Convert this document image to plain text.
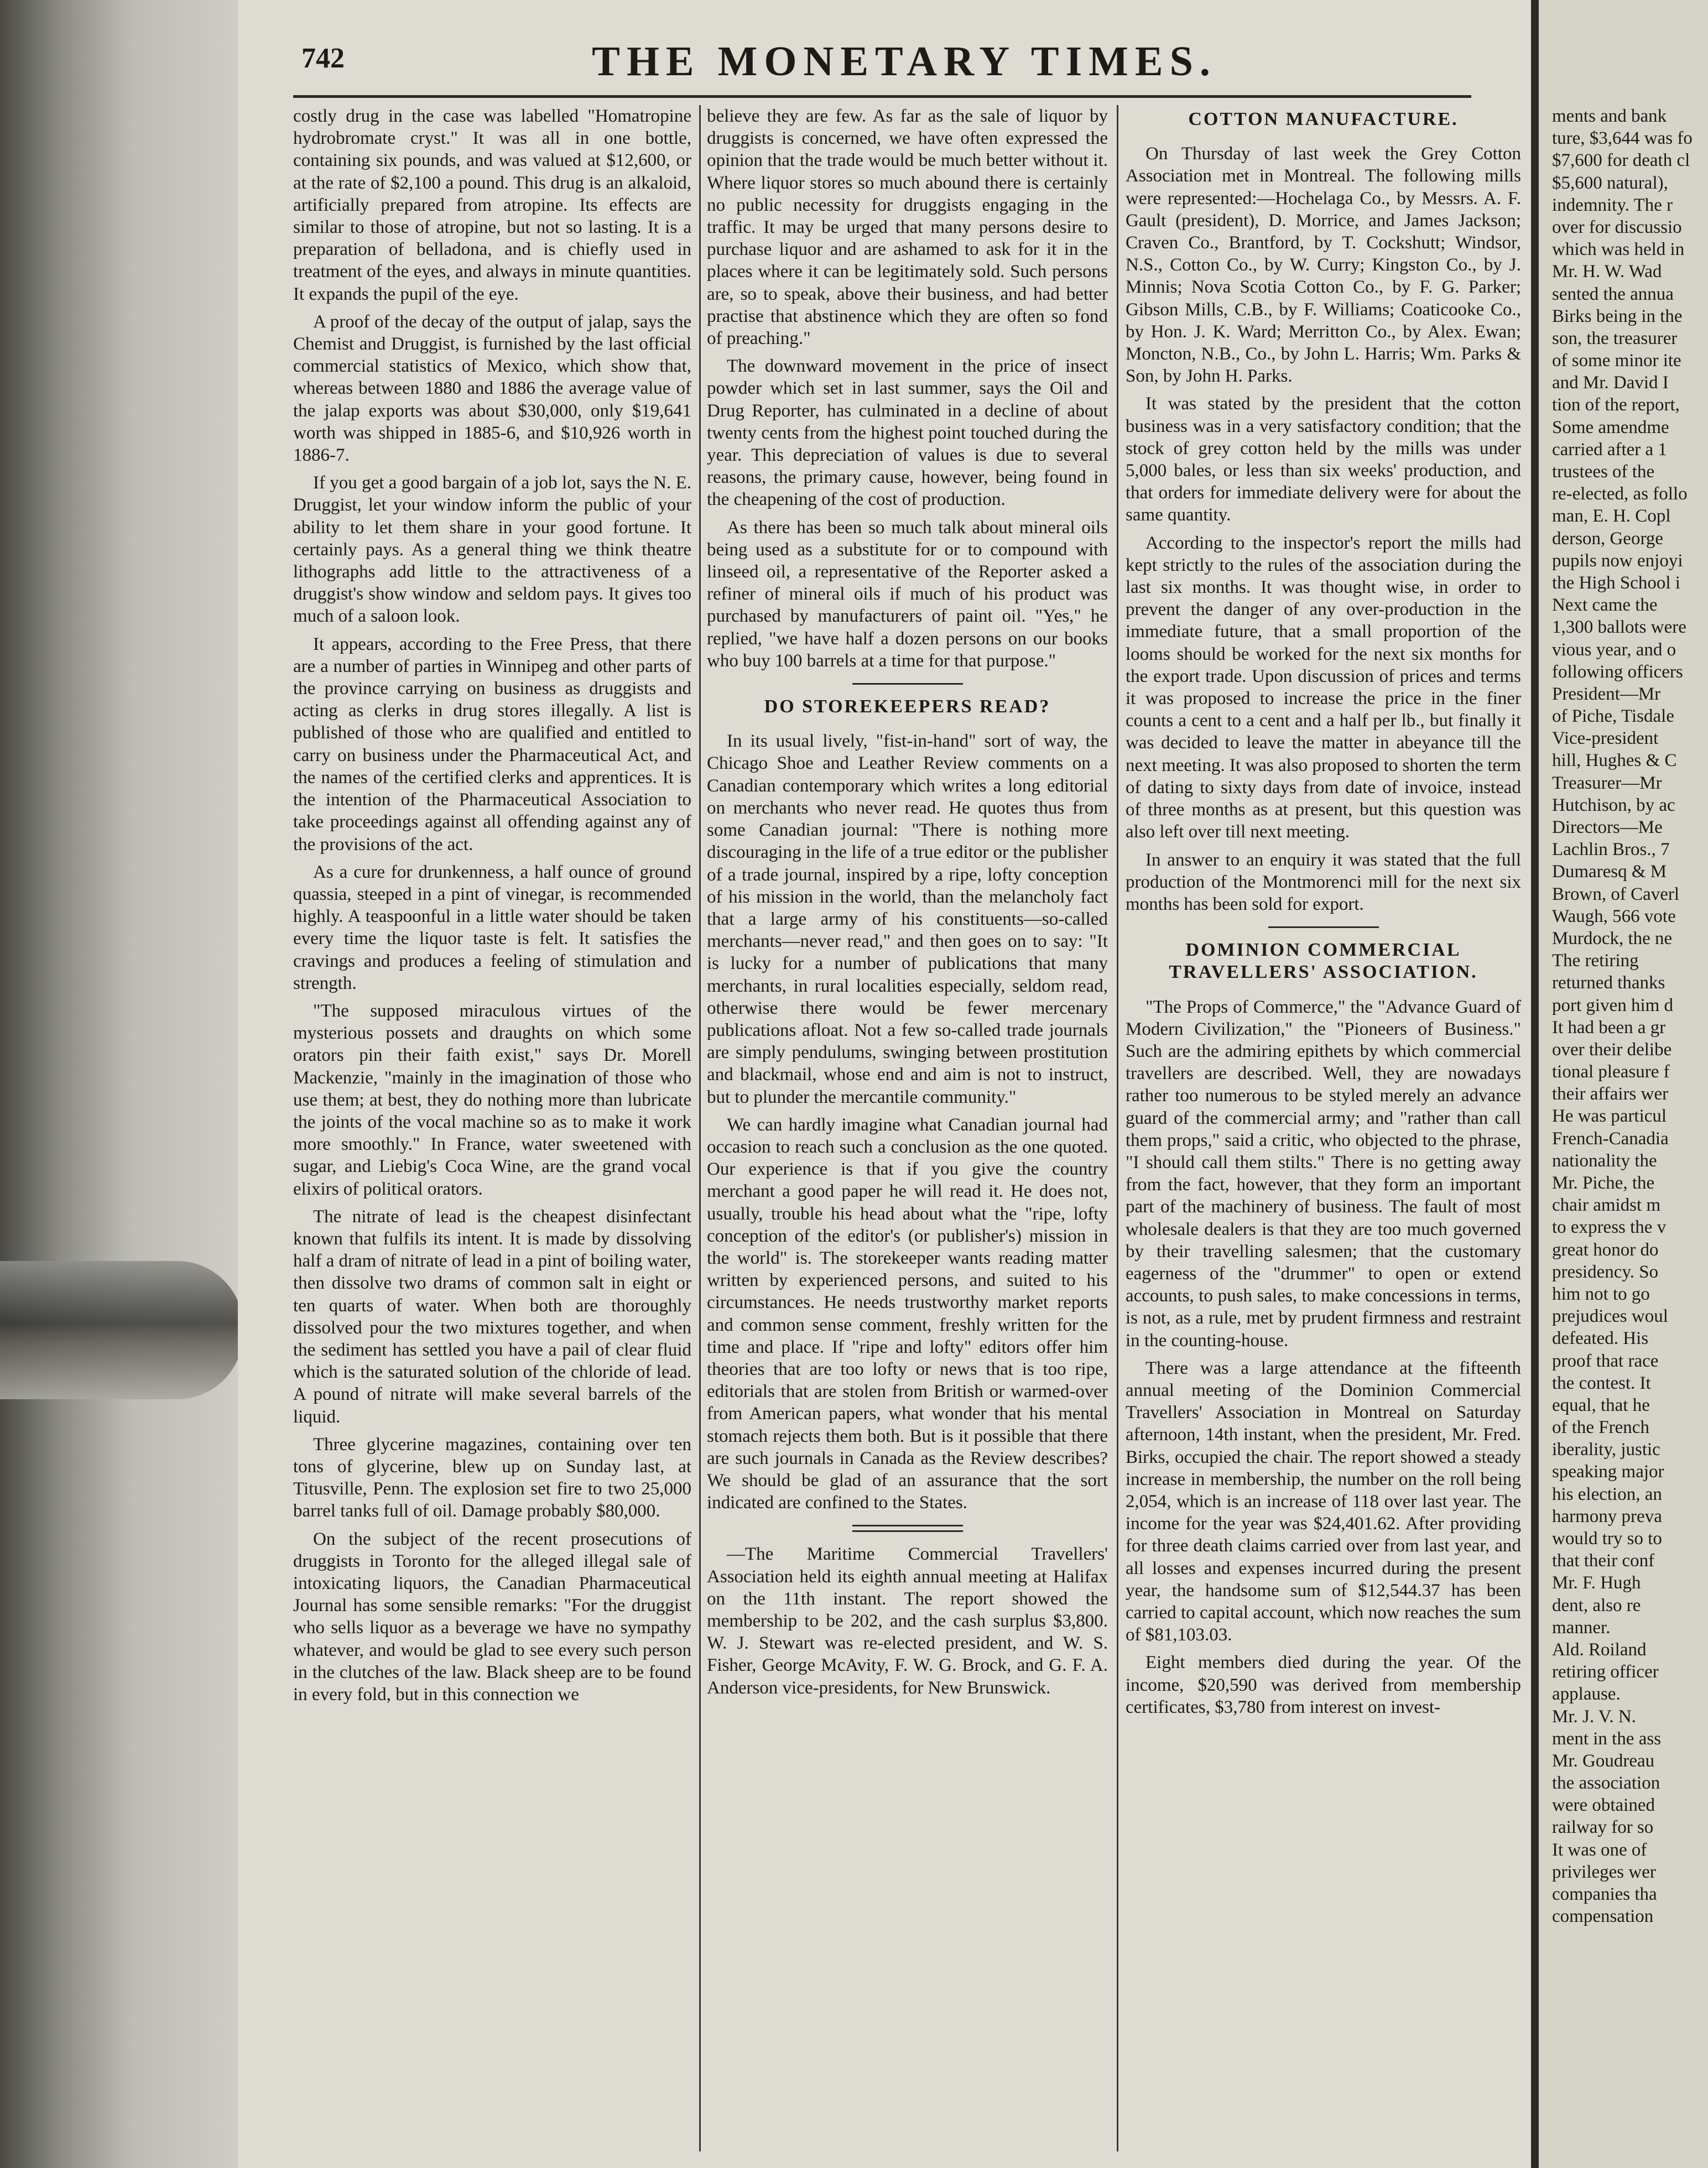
742	THE MONETARY TIMES.

costly drug in the case was labelled "Homatropine hydrobromate cryst." It was all in one bottle, containing six pounds, and was valued at $12,600, or at the rate of $2,100 a pound. This drug is an alkaloid, artificially prepared from atropine. Its effects are similar to those of atropine, but not so lasting. It is a preparation of belladona, and is chiefly used in treatment of the eyes, and always in minute quantities. It expands the pupil of the eye.

A proof of the decay of the output of jalap, says the Chemist and Druggist, is furnished by the last official commercial statistics of Mexico, which show that, whereas between 1880 and 1886 the average value of the jalap exports was about $30,000, only $19,641 worth was shipped in 1885-6, and $10,926 worth in 1886-7.

If you get a good bargain of a job lot, says the N. E. Druggist, let your window inform the public of your ability to let them share in your good fortune. It certainly pays. As a general thing we think theatre lithographs add little to the attractiveness of a druggist's show window and seldom pays. It gives too much of a saloon look.

It appears, according to the Free Press, that there are a number of parties in Winnipeg and other parts of the province carrying on business as druggists and acting as clerks in drug stores illegally. A list is published of those who are qualified and entitled to carry on business under the Pharmaceutical Act, and the names of the certified clerks and apprentices. It is the intention of the Pharmaceutical Association to take proceedings against all offending against any of the provisions of the act.

As a cure for drunkenness, a half ounce of ground quassia, steeped in a pint of vinegar, is recommended highly. A teaspoonful in a little water should be taken every time the liquor taste is felt. It satisfies the cravings and produces a feeling of stimulation and strength.

"The supposed miraculous virtues of the mysterious possets and draughts on which some orators pin their faith exist," says Dr. Morell Mackenzie, "mainly in the imagination of those who use them; at best, they do nothing more than lubricate the joints of the vocal machine so as to make it work more smoothly." In France, water sweetened with sugar, and Liebig's Coca Wine, are the grand vocal elixirs of political orators.

The nitrate of lead is the cheapest disinfectant known that fulfils its intent. It is made by dissolving half a dram of nitrate of lead in a pint of boiling water, then dissolve two drams of common salt in eight or ten quarts of water. When both are thoroughly dissolved pour the two mixtures together, and when the sediment has settled you have a pail of clear fluid which is the saturated solution of the chloride of lead. A pound of nitrate will make several barrels of the liquid.

Three glycerine magazines, containing over ten tons of glycerine, blew up on Sunday last, at Titusville, Penn. The explosion set fire to two 25,000 barrel tanks full of oil. Damage probably $80,000.

On the subject of the recent prosecutions of druggists in Toronto for the alleged illegal sale of intoxicating liquors, the Canadian Pharmaceutical Journal has some sensible remarks: "For the druggist who sells liquor as a beverage we have no sympathy whatever, and would be glad to see every such person in the clutches of the law. Black sheep are to be found in every fold, but in this connection we

believe they are few. As far as the sale of liquor by druggists is concerned, we have often expressed the opinion that the trade would be much better without it. Where liquor stores so much abound there is certainly no public necessity for druggists engaging in the traffic. It may be urged that many persons desire to purchase liquor and are ashamed to ask for it in the places where it can be legitimately sold. Such persons are, so to speak, above their business, and had better practise that abstinence which they are often so fond of preaching."

The downward movement in the price of insect powder which set in last summer, says the Oil and Drug Reporter, has culminated in a decline of about twenty cents from the highest point touched during the year. This depreciation of values is due to several reasons, the primary cause, however, being found in the cheapening of the cost of production.

As there has been so much talk about mineral oils being used as a substitute for or to compound with linseed oil, a representative of the Reporter asked a refiner of mineral oils if much of his product was purchased by manufacturers of paint oil. "Yes," he replied, "we have half a dozen persons on our books who buy 100 barrels at a time for that purpose."

DO STOREKEEPERS READ?

In its usual lively, "fist-in-hand" sort of way, the Chicago Shoe and Leather Review comments on a Canadian contemporary which writes a long editorial on merchants who never read. He quotes thus from some Canadian journal: "There is nothing more discouraging in the life of a true editor or the publisher of a trade journal, inspired by a ripe, lofty conception of his mission in the world, than the melancholy fact that a large army of his constituents—so-called merchants—never read," and then goes on to say: "It is lucky for a number of publications that many merchants, in rural localities especially, seldom read, otherwise there would be fewer mercenary publications afloat. Not a few so-called trade journals are simply pendulums, swinging between prostitution and blackmail, whose end and aim is not to instruct, but to plunder the mercantile community."

We can hardly imagine what Canadian journal had occasion to reach such a conclusion as the one quoted. Our experience is that if you give the country merchant a good paper he will read it. He does not, usually, trouble his head about what the "ripe, lofty conception of the editor's (or publisher's) mission in the world" is. The storekeeper wants reading matter written by experienced persons, and suited to his circumstances. He needs trustworthy market reports and common sense comment, freshly written for the time and place. If "ripe and lofty" editors offer him theories that are too lofty or news that is too ripe, editorials that are stolen from British or warmed-over from American papers, what wonder that his mental stomach rejects them both. But is it possible that there are such journals in Canada as the Review describes? We should be glad of an assurance that the sort indicated are confined to the States.

—The Maritime Commercial Travellers' Association held its eighth annual meeting at Halifax on the 11th instant. The report showed the membership to be 202, and the cash surplus $3,800. W. J. Stewart was re-elected president, and W. S. Fisher, George McAvity, F. W. G. Brock, and G. F. A. Anderson vice-presidents, for New Brunswick.

COTTON MANUFACTURE.

On Thursday of last week the Grey Cotton Association met in Montreal. The following mills were represented:—Hochelaga Co., by Messrs. A. F. Gault (president), D. Morrice, and James Jackson; Craven Co., Brantford, by T. Cockshutt; Windsor, N.S., Cotton Co., by W. Curry; Kingston Co., by J. Minnis; Nova Scotia Cotton Co., by F. G. Parker; Gibson Mills, C.B., by F. Williams; Coaticooke Co., by Hon. J. K. Ward; Merritton Co., by Alex. Ewan; Moncton, N.B., Co., by John L. Harris; Wm. Parks & Son, by John H. Parks.

It was stated by the president that the cotton business was in a very satisfactory condition; that the stock of grey cotton held by the mills was under 5,000 bales, or less than six weeks' production, and that orders for immediate delivery were for about the same quantity.

According to the inspector's report the mills had kept strictly to the rules of the association during the last six months. It was thought wise, in order to prevent the danger of any over-production in the immediate future, that a small proportion of the looms should be worked for the next six months for the export trade. Upon discussion of prices and terms it was proposed to increase the price in the finer counts a cent to a cent and a half per lb., but finally it was decided to leave the matter in abeyance till the next meeting. It was also proposed to shorten the term of dating to sixty days from date of invoice, instead of three months as at present, but this question was also left over till next meeting.

In answer to an enquiry it was stated that the full production of the Montmorenci mill for the next six months has been sold for export.

DOMINION COMMERCIAL TRAVELLERS' ASSOCIATION.

"The Props of Commerce," the "Advance Guard of Modern Civilization," the "Pioneers of Business." Such are the admiring epithets by which commercial travellers are described. Well, they are nowadays rather too numerous to be styled merely an advance guard of the commercial army; and "rather than call them props," said a critic, who objected to the phrase, "I should call them stilts." There is no getting away from the fact, however, that they form an important part of the machinery of business. The fault of most wholesale dealers is that they are too much governed by their travelling salesmen; that the customary eagerness of the "drummer" to open or extend accounts, to push sales, to make concessions in terms, is not, as a rule, met by prudent firmness and restraint in the counting-house.

There was a large attendance at the fifteenth annual meeting of the Dominion Commercial Travellers' Association in Montreal on Saturday afternoon, 14th instant, when the president, Mr. Fred. Birks, occupied the chair. The report showed a steady increase in membership, the number on the roll being 2,054, which is an increase of 118 over last year. The income for the year was $24,401.62. After providing for three death claims carried over from last year, and all losses and expenses incurred during the present year, the handsome sum of $12,544.37 has been carried to capital account, which now reaches the sum of $81,103.03.

Eight members died during the year. Of the income, $20,590 was derived from membership certificates, $3,780 from interest on invest-

ments and bank
ture, $3,644 was fo
$7,600 for death cl
$5,600 natural),
indemnity. The r
over for discussio
which was held in
Mr. H. W. Wad
sented the annua
Birks being in the
son, the treasurer
of some minor ite
and Mr. David I
tion of the report,
Some amendme
carried after a 1
trustees of the
re-elected, as follo
man, E. H. Copl
derson, George
pupils now enjoyi
the High School i
Next came the
1,300 ballots were
vious year, and o
following officers
President—Mr
of Piche, Tisdale
Vice-president
hill, Hughes & C
Treasurer—Mr
Hutchison, by ac
Directors—Me
Lachlin Bros., 7
Dumaresq & M
Brown, of Caverl
Waugh, 566 vote
Murdock, the ne
The retiring
returned thanks
port given him d
It had been a gr
over their delibe
tional pleasure f
their affairs wer
He was particul
French-Canadia
nationality the
Mr. Piche, the
chair amidst m
to express the v
great honor do
presidency. So
him not to go
prejudices woul
defeated. His
proof that race
the contest. It
equal, that he
of the French
iberality, justic
speaking major
his election, an
harmony preva
would try so to
that their conf
Mr. F. Hugh
dent, also re
manner.
Ald. Roiland
retiring officer
applause.
Mr. J. V. N.
ment in the ass
Mr. Goudreau
the association
were obtained
railway for so
It was one of
privileges wer
companies tha
compensation
